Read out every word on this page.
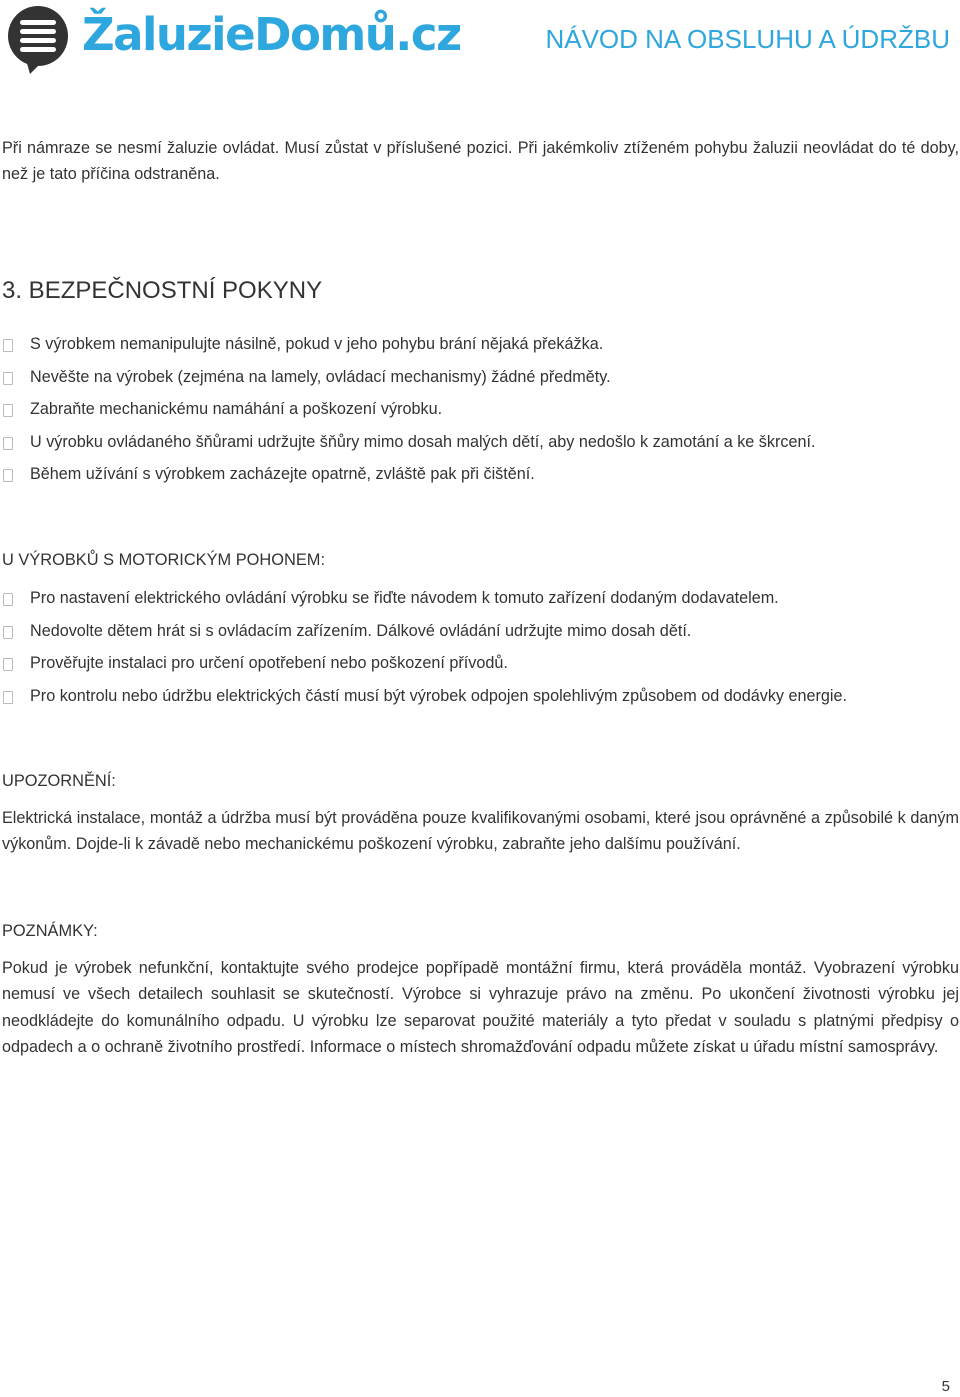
ŽaluzieDomů.cz	NÁVOD NA OBSLUHU A ÚDRŽBU
Při námraze se nesmí žaluzie ovládat. Musí zůstat v příslušené pozici. Při jakémkoliv ztíženém pohybu žaluzii neovládat do té doby, než je tato příčina odstraněna.
3. BEZPEČNOSTNÍ POKYNY
S výrobkem nemanipulujte násilně, pokud v jeho pohybu brání nějaká překážka.
Nevěšte na výrobek (zejména na lamely, ovládací mechanismy) žádné předměty.
Zabraňte mechanickému namáhání a poškození výrobku.
U výrobku ovládaného šňůrami udržujte šňůry mimo dosah malých dětí, aby nedošlo k zamotání a ke škrcení.
Během užívání s výrobkem zacházejte opatrně, zvláště pak při čištění.
U VÝROBKŮ S MOTORICKÝM POHONEM:
Pro nastavení elektrického ovládání výrobku se řiďte návodem k tomuto zařízení dodaným dodavatelem.
Nedovolte dětem hrát si s ovládacím zařízením. Dálkové ovládání udržujte mimo dosah dětí.
Prověřujte instalaci pro určení opotřebení nebo poškození přívodů.
Pro kontrolu nebo údržbu elektrických částí musí být výrobek odpojen spolehlivým způsobem od dodávky energie.
UPOZORNĚNÍ:
Elektrická instalace, montáž a údržba musí být prováděna pouze kvalifikovanými osobami, které jsou oprávněné a způsobilé k daným výkonům. Dojde-li k závadě nebo mechanickému poškození výrobku, zabraňte jeho dalšímu používání.
POZNÁMKY:
Pokud je výrobek nefunkční, kontaktujte svého prodejce popřípadě montážní firmu, která prováděla montáž. Vyobrazení výrobku nemusí ve všech detailech souhlasit se skutečností. Výrobce si vyhrazuje právo na změnu. Po ukončení životnosti výrobku jej neodkládejte do komunálního odpadu. U výrobku lze separovat použité materiály a tyto předat v souladu s platnými předpisy o odpadech a o ochraně životního prostředí. Informace o místech shromažďování odpadu můžete získat u úřadu místní samosprávy.
5
